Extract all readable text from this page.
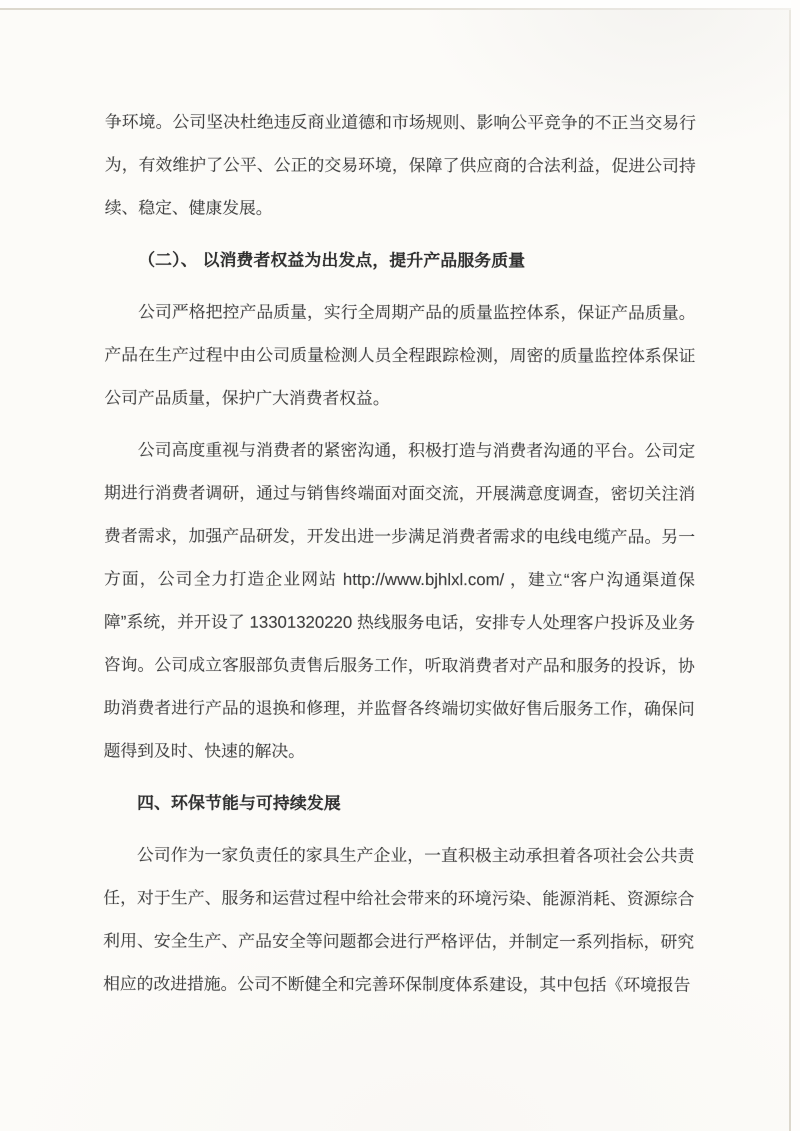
争环境。公司坚决杜绝违反商业道德和市场规则、影响公平竞争的不正当交易行为，有效维护了公平、公正的交易环境，保障了供应商的合法利益，促进公司持续、稳定、健康发展。
（二）、 以消费者权益为出发点，提升产品服务质量
公司严格把控产品质量，实行全周期产品的质量监控体系，保证产品质量。产品在生产过程中由公司质量检测人员全程跟踪检测，周密的质量监控体系保证公司产品质量，保护广大消费者权益。
公司高度重视与消费者的紧密沟通，积极打造与消费者沟通的平台。公司定期进行消费者调研，通过与销售终端面对面交流，开展满意度调查，密切关注消费者需求，加强产品研发，开发出进一步满足消费者需求的电线电缆产品。另一方面，公司全力打造企业网站 http://www.bjhlxl.com/ ，建立“客户沟通渠道保障”系统，并开设了 13301320220 热线服务电话，安排专人处理客户投诉及业务咨询。公司成立客服部负责售后服务工作，听取消费者对产品和服务的投诉，协助消费者进行产品的退换和修理，并监督各终端切实做好售后服务工作，确保问题得到及时、快速的解决。
四、环保节能与可持续发展
公司作为一家负责任的家具生产企业，一直积极主动承担着各项社会公共责任，对于生产、服务和运营过程中给社会带来的环境污染、能源消耗、资源综合利用、安全生产、产品安全等问题都会进行严格评估，并制定一系列指标，研究相应的改进措施。公司不断健全和完善环保制度体系建设，其中包括《环境报告
